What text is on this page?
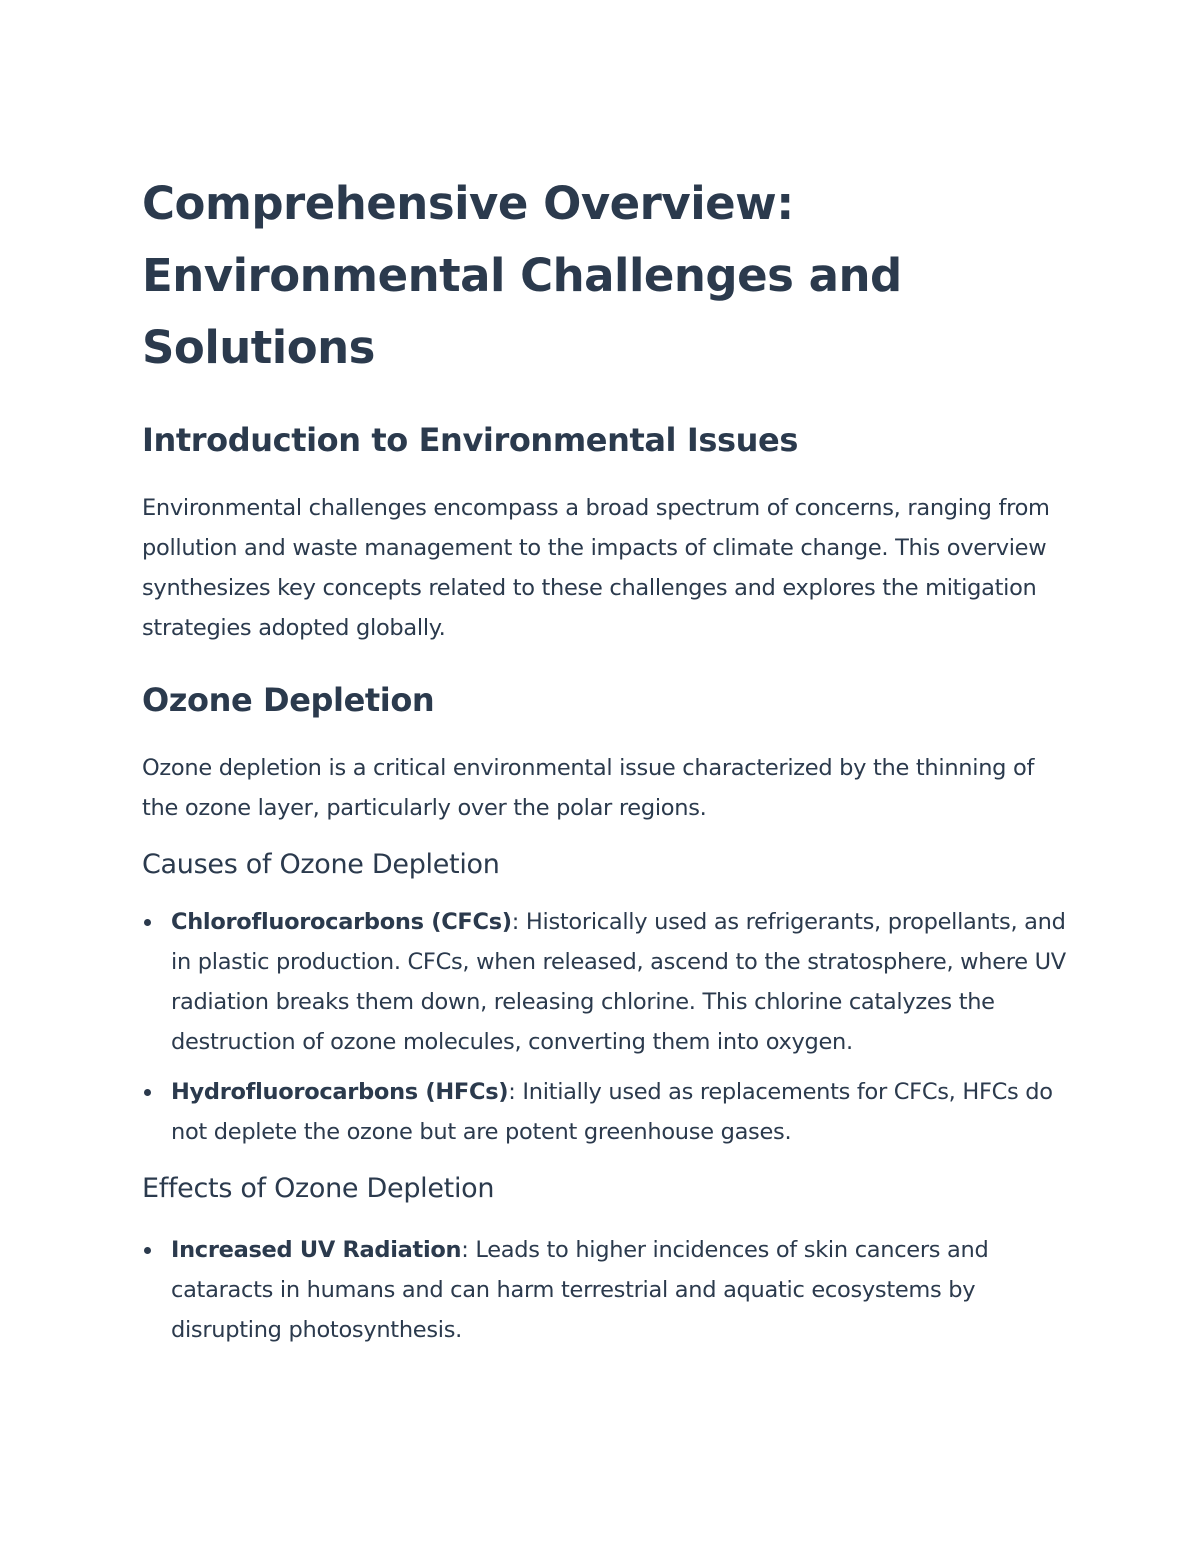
Comprehensive Overview: Environmental Challenges and Solutions
Introduction to Environmental Issues

Environmental challenges encompass a broad spectrum of concerns, ranging from pollution and waste management to the impacts of climate change. This overview synthesizes key concepts related to these challenges and explores the mitigation strategies adopted globally.

Ozone Depletion

Ozone depletion is a critical environmental issue characterized by the thinning of the ozone layer, particularly over the polar regions.

Causes of Ozone Depletion
Chlorofluorocarbons (CFCs): Historically used as refrigerants, propellants, and in plastic production. CFCs, when released, ascend to the stratosphere, where UV radiation breaks them down, releasing chlorine. This chlorine catalyzes the destruction of ozone molecules, converting them into oxygen.
Hydrofluorocarbons (HFCs): Initially used as replacements for CFCs, HFCs do not deplete the ozone but are potent greenhouse gases.
Effects of Ozone Depletion
Increased UV Radiation: Leads to higher incidences of skin cancers and cataracts in humans and can harm terrestrial and aquatic ecosystems by disrupting photosynthesis.
